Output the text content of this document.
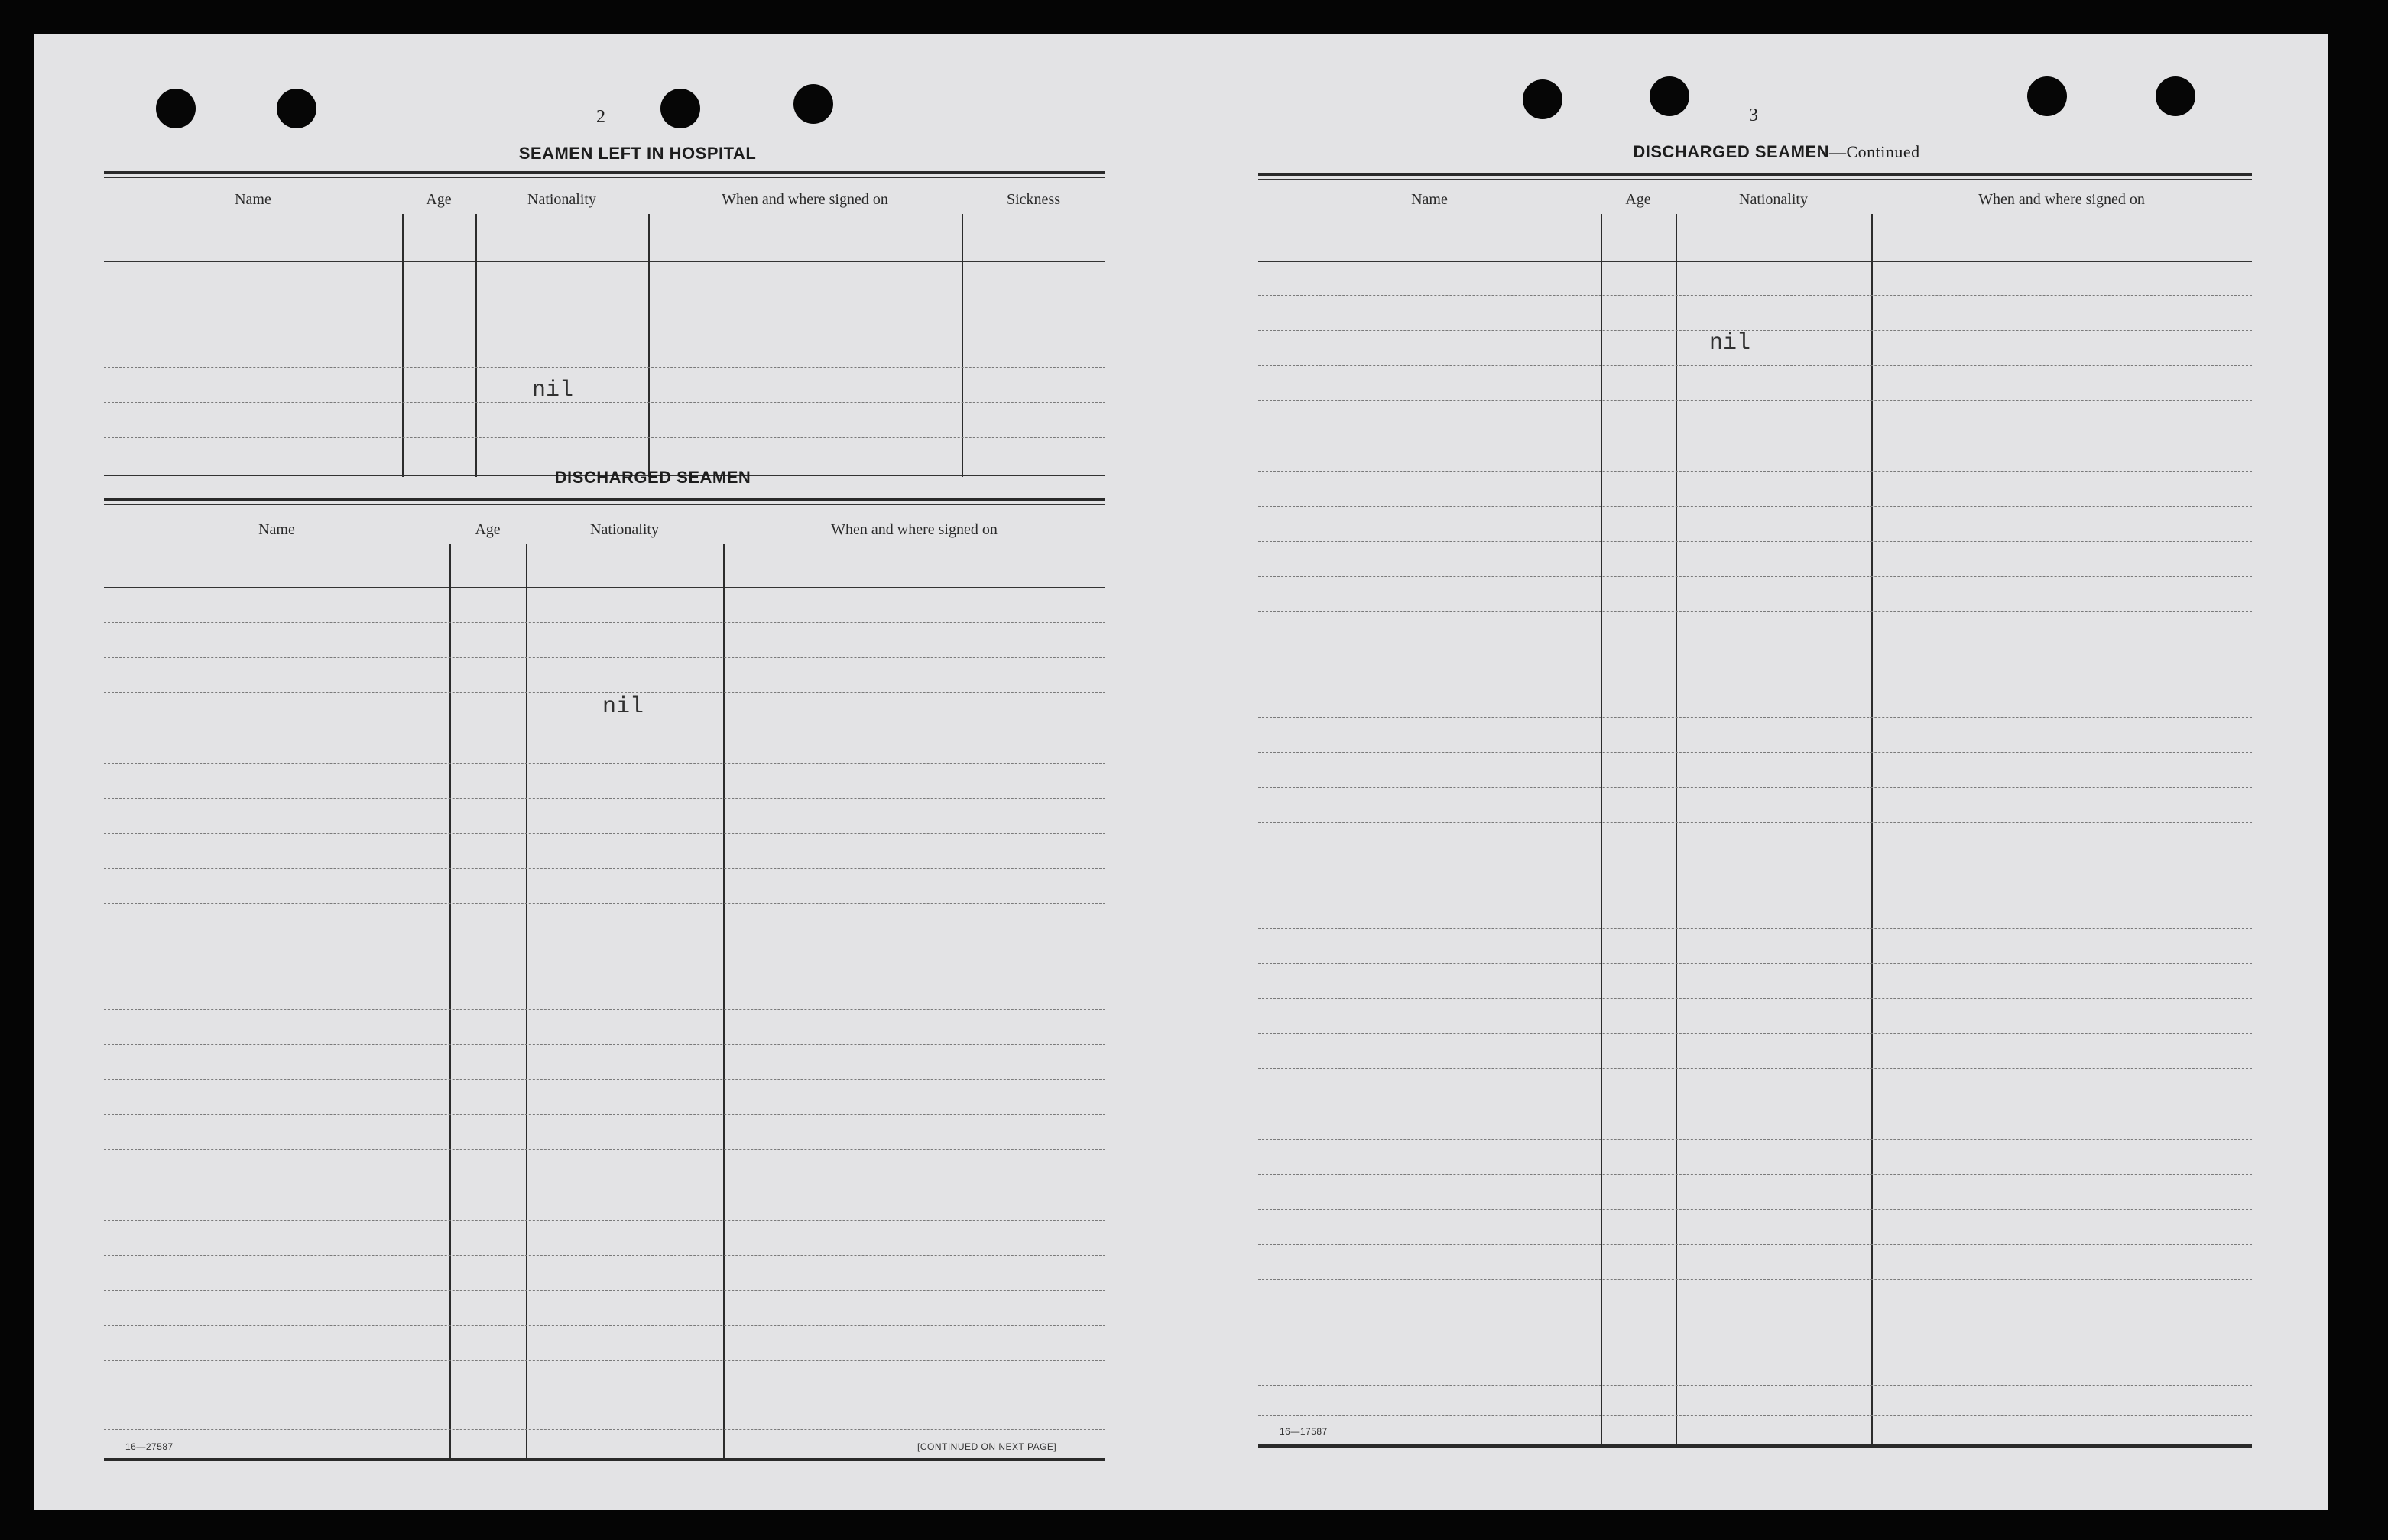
2
SEAMEN LEFT IN HOSPITAL
Name	Age	Nationality	When and where signed on	Sickness
nil
DISCHARGED SEAMEN
Name	Age	Nationality	When and where signed on
nil
16—27587	[CONTINUED ON NEXT PAGE]
3
DISCHARGED SEAMEN—Continued
Name	Age	Nationality	When and where signed on
nil
16—17587
